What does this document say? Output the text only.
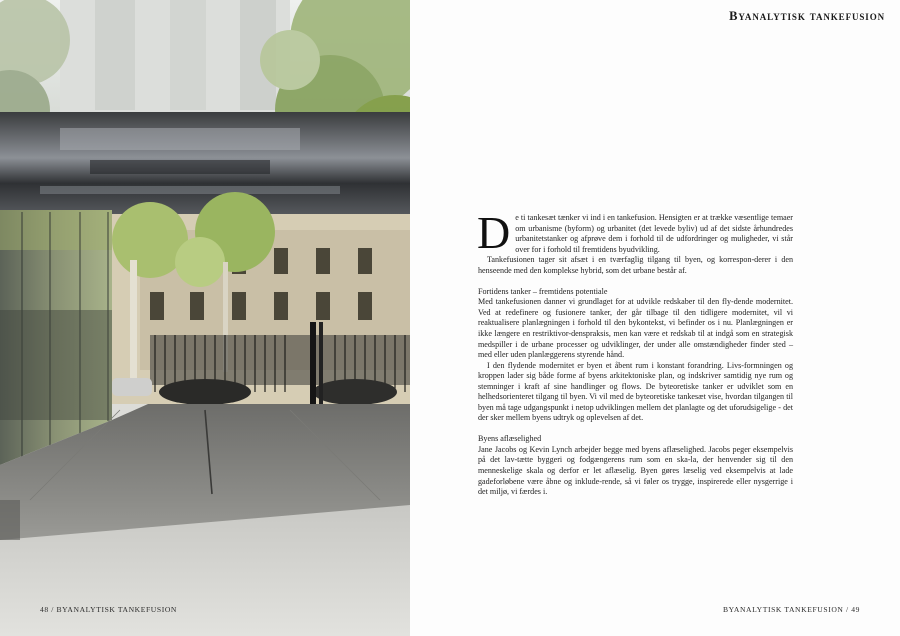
48 / BYANALYTISK TANKEFUSION
Byanalytisk tankefusion

De ti tankesæt tænker vi ind i en tankefusion. Hensigten er at trække væsentlige temaer om urbanisme (byform) og urbanitet (det levede byliv) ud af det sidste århundredes urbanitetstanker og afprøve dem i forhold til de udfordringer og muligheder, vi står over for i forhold til fremtidens byudvikling.

Tankefusionen tager sit afsæt i en tværfaglig tilgang til byen, og korrespon-derer i den henseende med den komplekse hybrid, som det urbane består af.

Fortidens tanker – fremtidens potentiale

Med tankefusionen danner vi grundlaget for at udvikle redskaber til den fly-dende modernitet. Ved at redefinere og fusionere tanker, der går tilbage til den tidligere modernitet, vil vi reaktualisere planlægningen i forhold til den bykontekst, vi befinder os i nu. Planlægningen er ikke længere en restriktivor-denspraksis, men kan være et redskab til at indgå som en strategisk medspiller i de urbane processer og udviklinger, der under alle omstændigheder finder sted – med eller uden planlæggerens styrende hånd.

I den flydende modernitet er byen et åbent rum i konstant forandring. Livs-formningen og kroppen lader sig både forme af byens arkitektoniske plan, og indskriver samtidig nye rum og stemninger i kraft af sine handlinger og flows. De byteoretiske tanker er udviklet som en helhedsorienteret tilgang til byen. Vi vil med de byteoretiske tankesæt vise, hvordan tilgangen til byen må tage udgangspunkt i netop udviklingen mellem det planlagte og det uforudsigelige - det der sker mellem byens udtryk og oplevelsen af det.

Byens aflæselighed

Jane Jacobs og Kevin Lynch arbejder begge med byens aflæselighed. Jacobs peger eksempelvis på det lav-tætte byggeri og fodgængerens rum som en ska-la, der henvender sig til den menneskelige skala og derfor er let aflæselig. Byen gøres læselig ved eksempelvis at lade gadeforløbene være åbne og inklude-rende, så vi føler os trygge, inspirerede eller nysgerrige i det miljø, vi færdes i.

BYANALYTISK TANKEFUSION / 49
